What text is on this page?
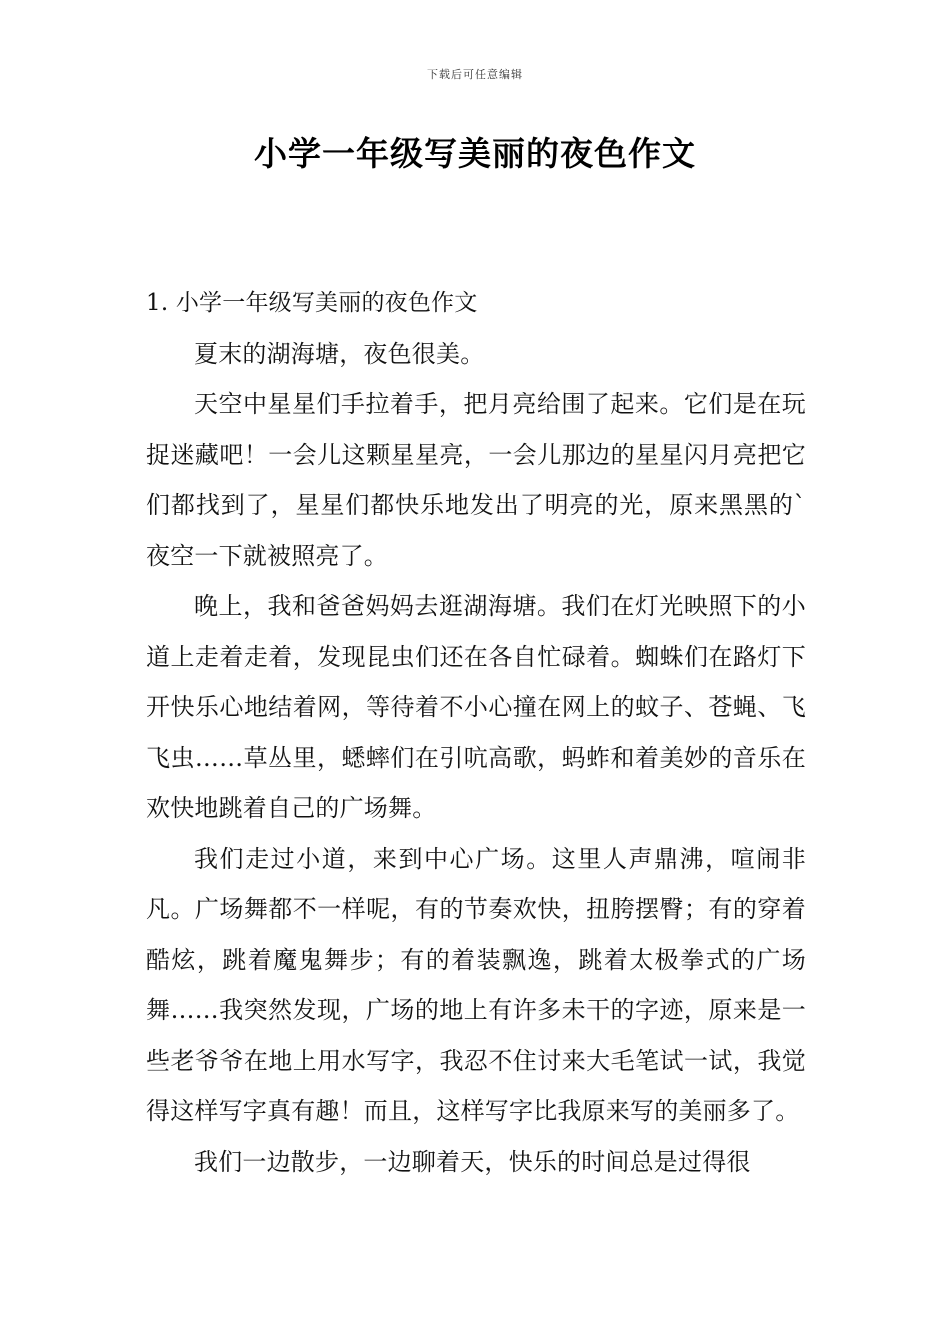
下载后可任意编辑
小学一年级写美丽的夜色作文

1. 小学一年级写美丽的夜色作文

夏末的湖海塘，夜色很美。

天空中星星们手拉着手，把月亮给围了起来。它们是在玩捉迷藏吧！一会儿这颗星星亮，一会儿那边的星星闪月亮把它们都找到了，星星们都快乐地发出了明亮的光，原来黑黑的`夜空一下就被照亮了。

晚上，我和爸爸妈妈去逛湖海塘。我们在灯光映照下的小道上走着走着，发现昆虫们还在各自忙碌着。蜘蛛们在路灯下开快乐心地结着网，等待着不小心撞在网上的蚊子、苍蝇、飞飞虫……草丛里，蟋蟀们在引吭高歌，蚂蚱和着美妙的音乐在欢快地跳着自己的广场舞。

我们走过小道，来到中心广场。这里人声鼎沸，喧闹非凡。广场舞都不一样呢，有的节奏欢快，扭胯摆臀；有的穿着酷炫，跳着魔鬼舞步；有的着装飘逸，跳着太极拳式的广场舞……我突然发现，广场的地上有许多未干的字迹，原来是一些老爷爷在地上用水写字，我忍不住讨来大毛笔试一试，我觉得这样写字真有趣！而且，这样写字比我原来写的美丽多了。

我们一边散步，一边聊着天，快乐的时间总是过得很
